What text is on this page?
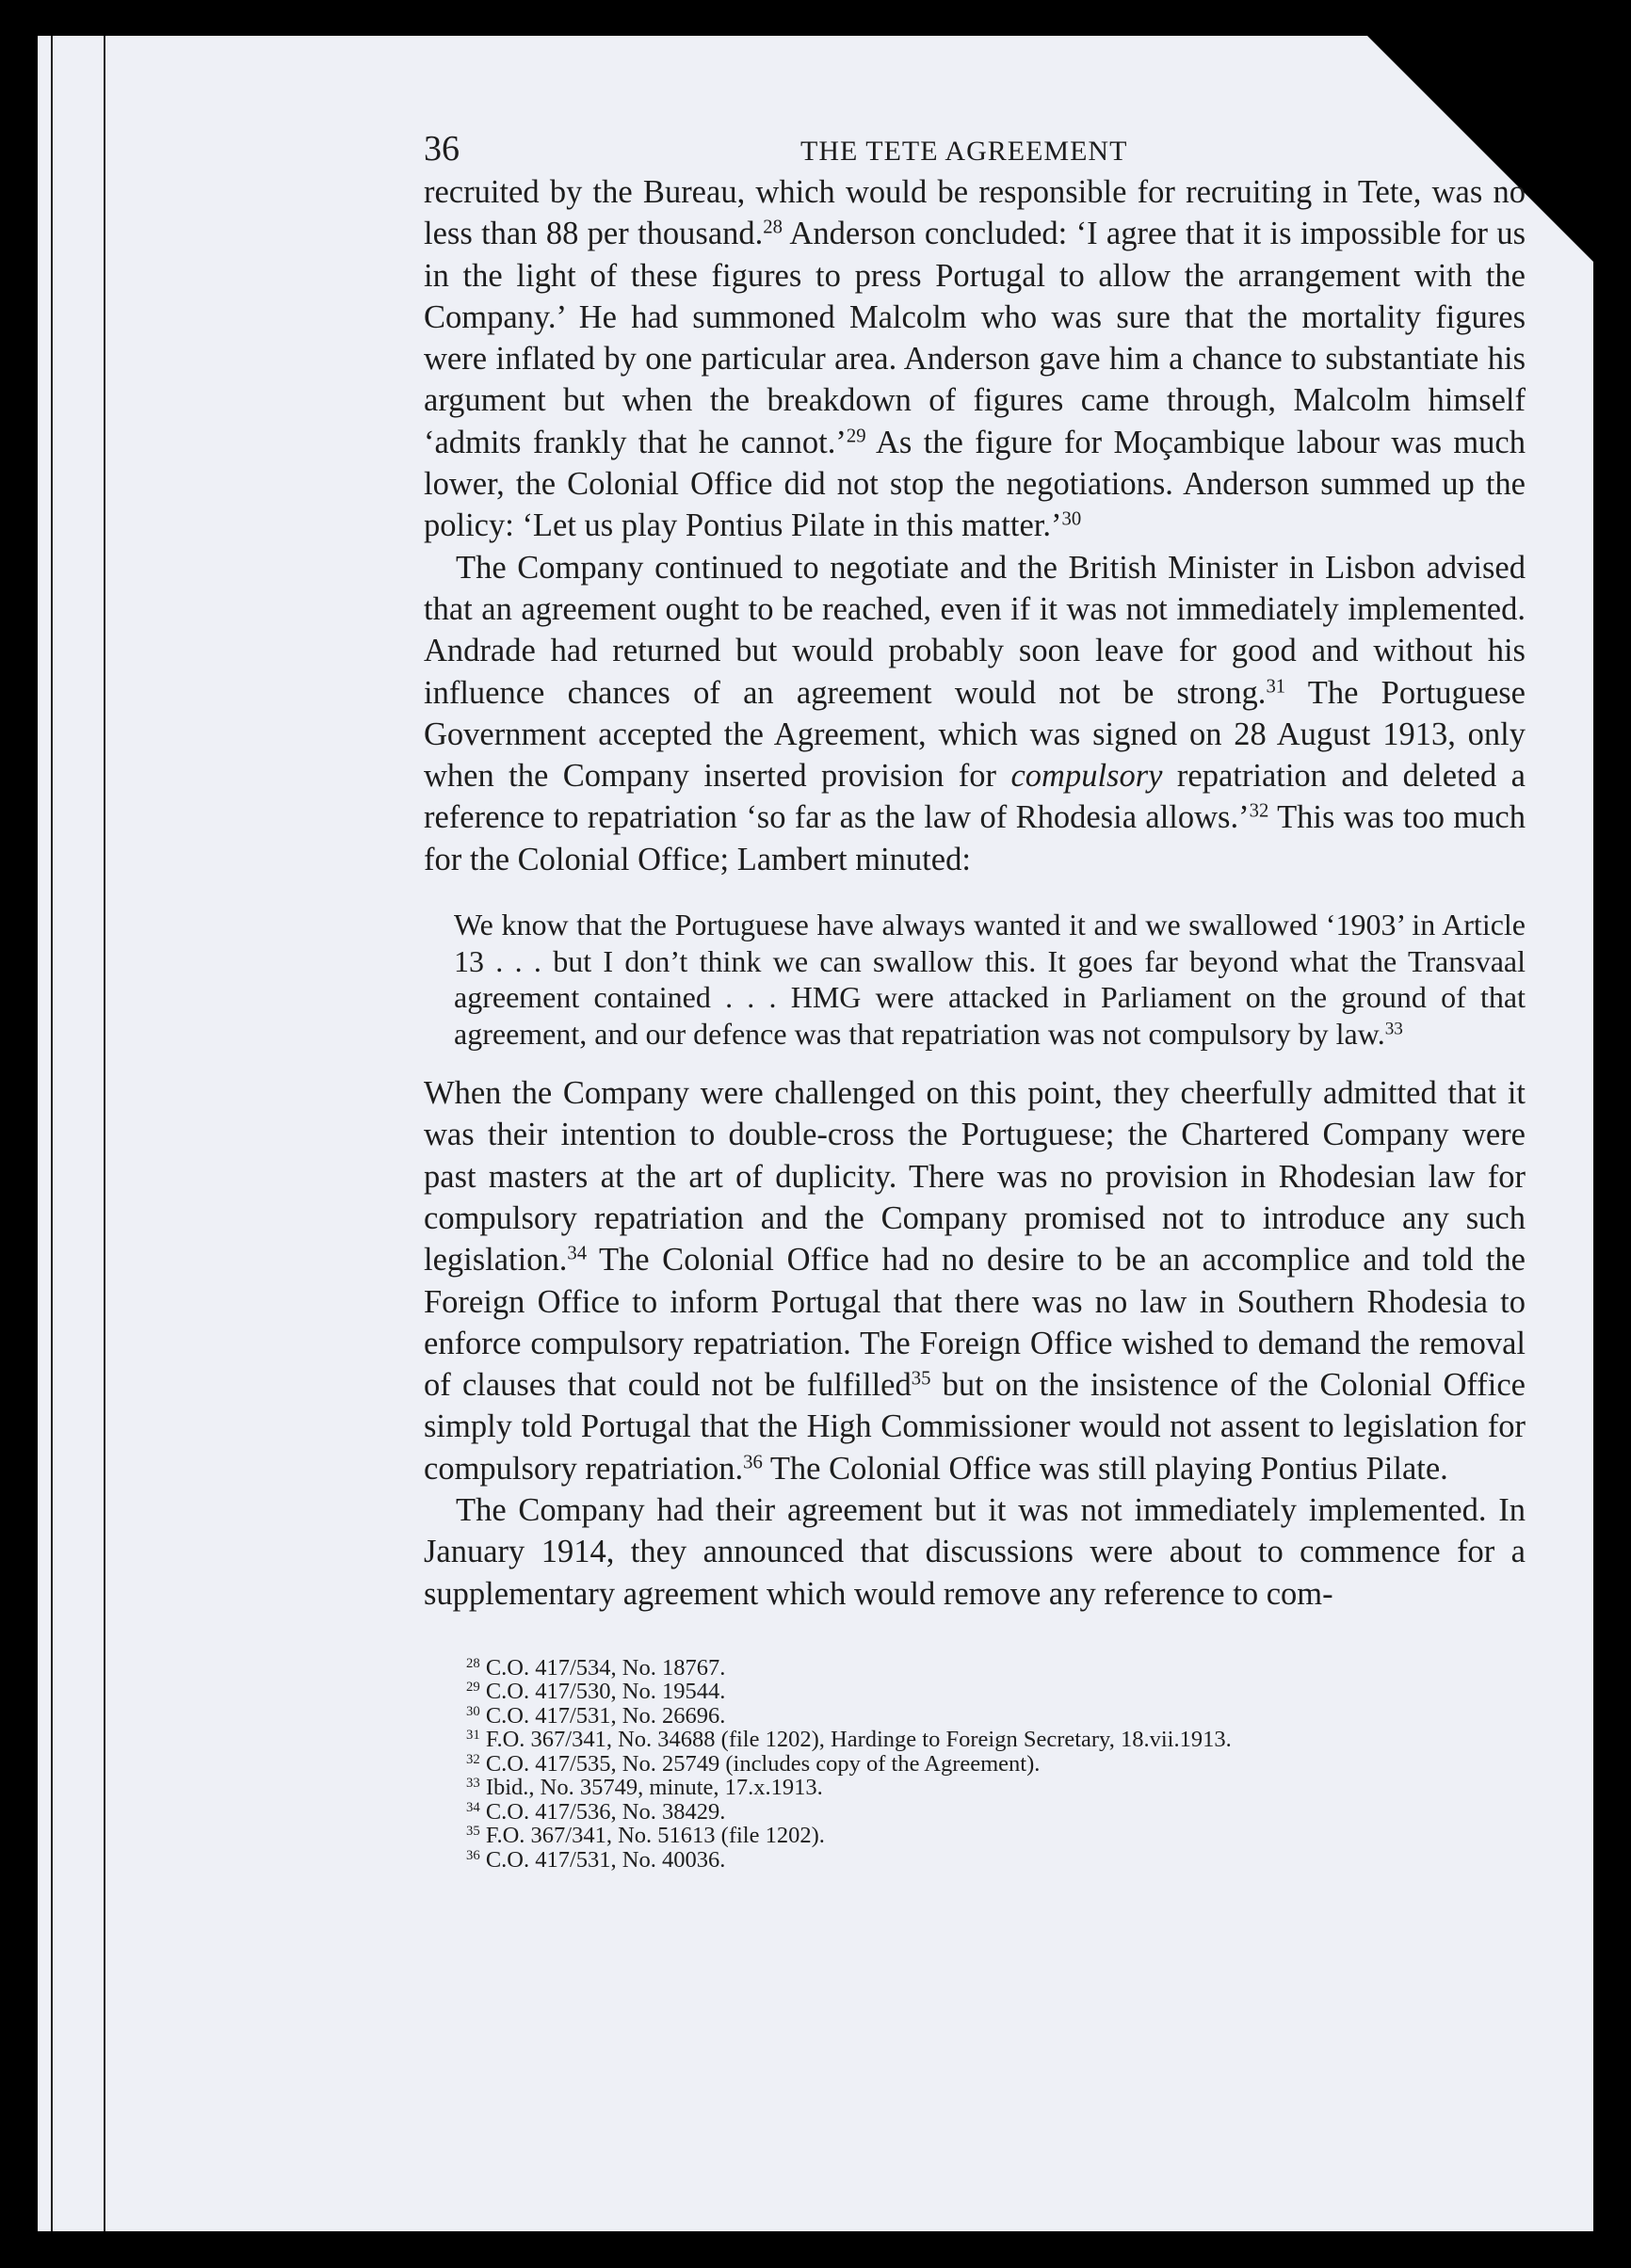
36	THE TETE AGREEMENT

recruited by the Bureau, which would be responsible for recruiting in Tete, was no less than 88 per thousand.$^{28}$ Anderson concluded: ‘I agree that it is impossible for us in the light of these figures to press Portugal to allow the arrangement with the Company.’ He had summoned Malcolm who was sure that the mortality figures were inflated by one particular area. Anderson gave him a chance to substantiate his argument but when the breakdown of figures came through, Malcolm himself ‘admits frankly that he cannot.’$^{29}$ As the figure for Moçambique labour was much lower, the Colonial Office did not stop the negotiations. Anderson summed up the policy: ‘Let us play Pontius Pilate in this matter.’$^{30}$

The Company continued to negotiate and the British Minister in Lisbon advised that an agreement ought to be reached, even if it was not immediately implemented. Andrade had returned but would probably soon leave for good and without his influence chances of an agreement would not be strong.$^{31}$ The Portuguese Government accepted the Agreement, which was signed on 28 August 1913, only when the Company inserted provision for compulsory repatriation and deleted a reference to repatriation ‘so far as the law of Rhodesia allows.’$^{32}$ This was too much for the Colonial Office; Lambert minuted:

We know that the Portuguese have always wanted it and we swallowed ‘1903’ in Article 13 . . . but I don’t think we can swallow this. It goes far beyond what the Transvaal agreement contained . . . HMG were attacked in Parliament on the ground of that agreement, and our defence was that repatriation was not compulsory by law.$^{33}$

When the Company were challenged on this point, they cheerfully admitted that it was their intention to double-cross the Portuguese; the Chartered Company were past masters at the art of duplicity. There was no provision in Rhodesian law for compulsory repatriation and the Company promised not to introduce any such legislation.$^{34}$ The Colonial Office had no desire to be an accomplice and told the Foreign Office to inform Portugal that there was no law in Southern Rhodesia to enforce compulsory repatriation. The Foreign Office wished to demand the removal of clauses that could not be fulfilled$^{35}$ but on the insistence of the Colonial Office simply told Portugal that the High Commissioner would not assent to legislation for compulsory repatriation.$^{36}$ The Colonial Office was still playing Pontius Pilate.

The Company had their agreement but it was not immediately implemented. In January 1914, they announced that discussions were about to commence for a supplementary agreement which would remove any reference to com-

$^{28}$ C.O. 417/534, No. 18767.
$^{29}$ C.O. 417/530, No. 19544.
$^{30}$ C.O. 417/531, No. 26696.
$^{31}$ F.O. 367/341, No. 34688 (file 1202), Hardinge to Foreign Secretary, 18.vii.1913.
$^{32}$ C.O. 417/535, No. 25749 (includes copy of the Agreement).
$^{33}$ Ibid., No. 35749, minute, 17.x.1913.
$^{34}$ C.O. 417/536, No. 38429.
$^{35}$ F.O. 367/341, No. 51613 (file 1202).
$^{36}$ C.O. 417/531, No. 40036.
